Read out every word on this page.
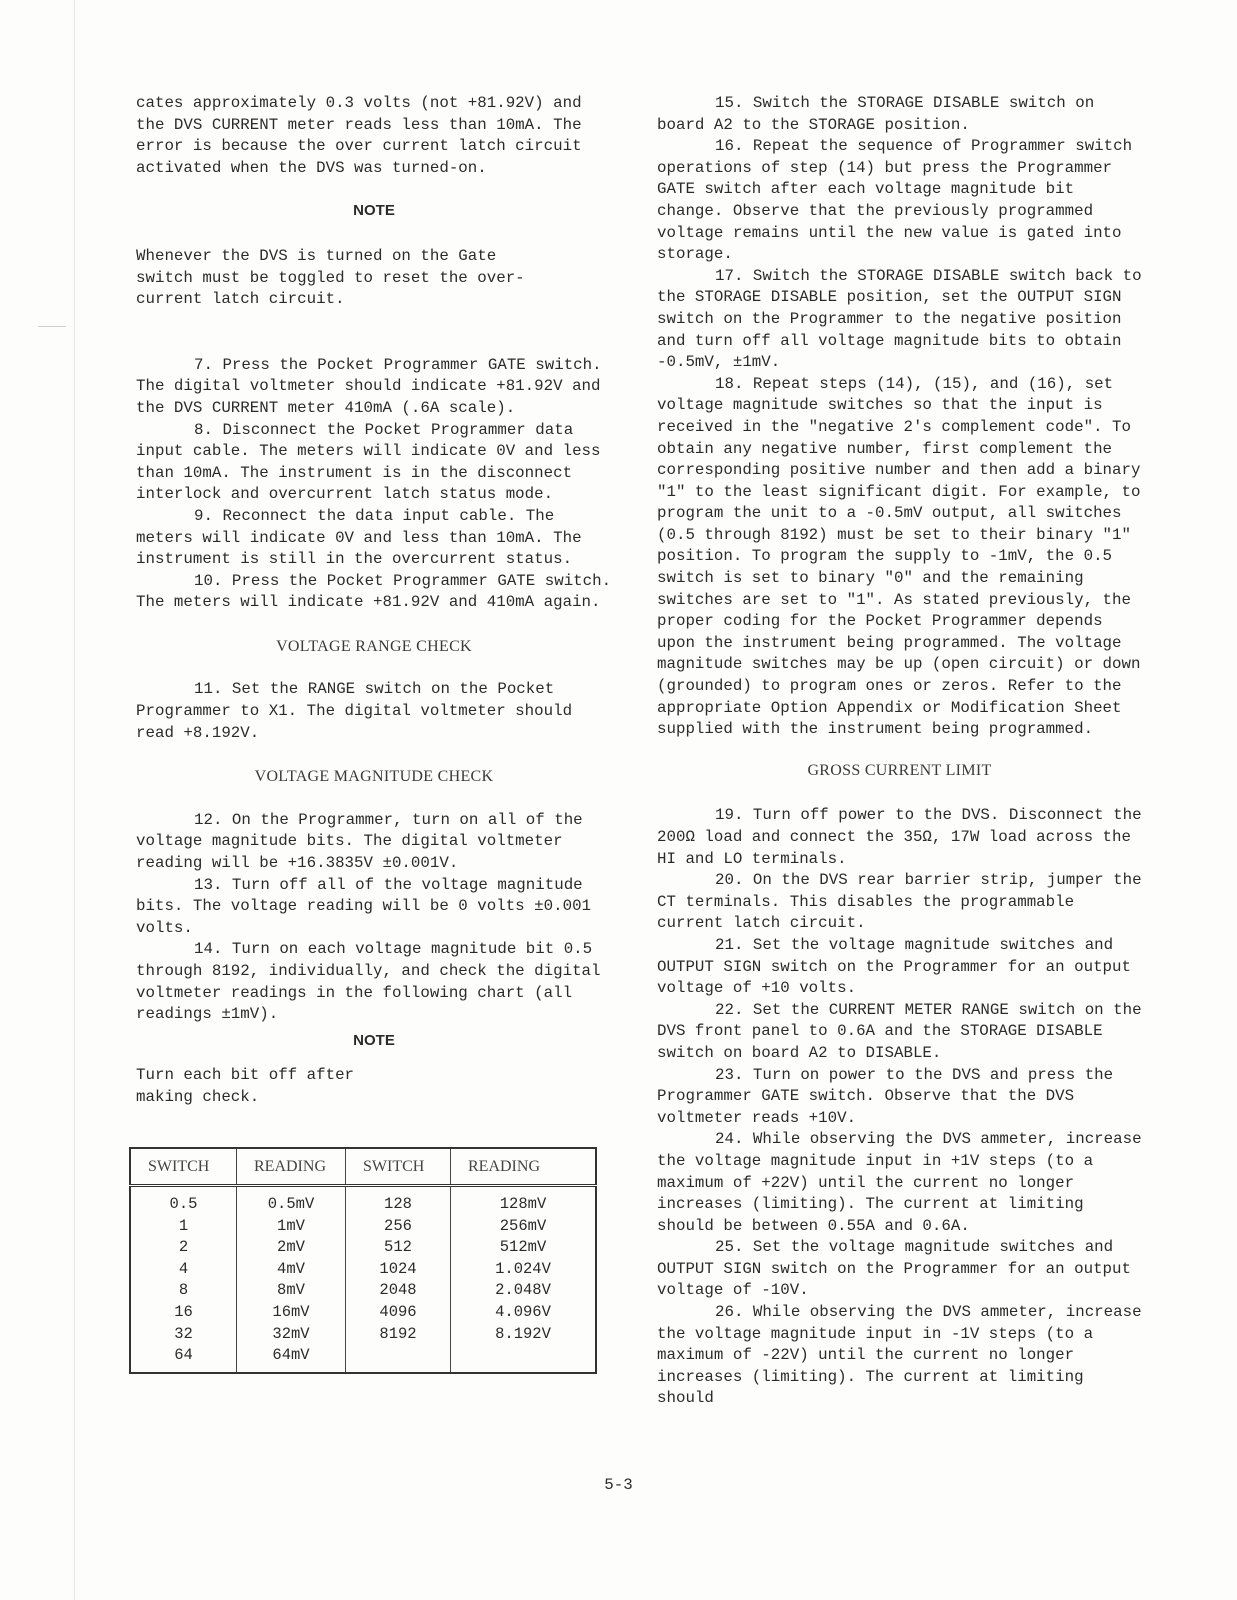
cates approximately 0.3 volts (not +81.92V) and the DVS CURRENT meter reads less than 10mA. The error is because the over current latch circuit activated when the DVS was turned-on.

NOTE

Whenever the DVS is turned on the Gate switch must be toggled to reset the over-current latch circuit.

7. Press the Pocket Programmer GATE switch. The digital voltmeter should indicate +81.92V and the DVS CURRENT meter 410mA (.6A scale).

8. Disconnect the Pocket Programmer data input cable. The meters will indicate 0V and less than 10mA. The instrument is in the disconnect interlock and overcurrent latch status mode.

9. Reconnect the data input cable. The meters will indicate 0V and less than 10mA. The instrument is still in the overcurrent status.

10. Press the Pocket Programmer GATE switch. The meters will indicate +81.92V and 410mA again.

VOLTAGE RANGE CHECK

11. Set the RANGE switch on the Pocket Programmer to X1. The digital voltmeter should read +8.192V.

VOLTAGE MAGNITUDE CHECK

12. On the Programmer, turn on all of the voltage magnitude bits. The digital voltmeter reading will be +16.3835V ±0.001V.

13. Turn off all of the voltage magnitude bits. The voltage reading will be 0 volts ±0.001 volts.

14. Turn on each voltage magnitude bit 0.5 through 8192, individually, and check the digital voltmeter readings in the following chart (all readings ±1mV).

NOTE

Turn each bit off after making check.

SWITCH	READING	SWITCH	READING
0.5	0.5mV	128	128mV
1	1mV	256	256mV
2	2mV	512	512mV
4	4mV	1024	1.024V
8	8mV	2048	2.048V
16	16mV	4096	4.096V
32	32mV	8192	8.192V
64	64mV		

15. Switch the STORAGE DISABLE switch on board A2 to the STORAGE position.

16. Repeat the sequence of Programmer switch operations of step (14) but press the Programmer GATE switch after each voltage magnitude bit change. Observe that the previously programmed voltage remains until the new value is gated into storage.

17. Switch the STORAGE DISABLE switch back to the STORAGE DISABLE position, set the OUTPUT SIGN switch on the Programmer to the negative position and turn off all voltage magnitude bits to obtain -0.5mV, ±1mV.

18. Repeat steps (14), (15), and (16), set voltage magnitude switches so that the input is received in the "negative 2's complement code". To obtain any negative number, first complement the corresponding positive number and then add a binary "1" to the least significant digit. For example, to program the unit to a -0.5mV output, all switches (0.5 through 8192) must be set to their binary "1" position. To program the supply to -1mV, the 0.5 switch is set to binary "0" and the remaining switches are set to "1". As stated previously, the proper coding for the Pocket Programmer depends upon the instrument being programmed. The voltage magnitude switches may be up (open circuit) or down (grounded) to program ones or zeros. Refer to the appropriate Option Appendix or Modification Sheet supplied with the instrument being programmed.

GROSS CURRENT LIMIT

19. Turn off power to the DVS. Disconnect the 200Ω load and connect the 35Ω, 17W load across the HI and LO terminals.

20. On the DVS rear barrier strip, jumper the CT terminals. This disables the programmable current latch circuit.

21. Set the voltage magnitude switches and OUTPUT SIGN switch on the Programmer for an output voltage of +10 volts.

22. Set the CURRENT METER RANGE switch on the DVS front panel to 0.6A and the STORAGE DISABLE switch on board A2 to DISABLE.

23. Turn on power to the DVS and press the Programmer GATE switch. Observe that the DVS voltmeter reads +10V.

24. While observing the DVS ammeter, increase the voltage magnitude input in +1V steps (to a maximum of +22V) until the current no longer increases (limiting). The current at limiting should be between 0.55A and 0.6A.

25. Set the voltage magnitude switches and OUTPUT SIGN switch on the Programmer for an output voltage of -10V.

26. While observing the DVS ammeter, increase the voltage magnitude input in -1V steps (to a maximum of -22V) until the current no longer increases (limiting). The current at limiting should

5-3
